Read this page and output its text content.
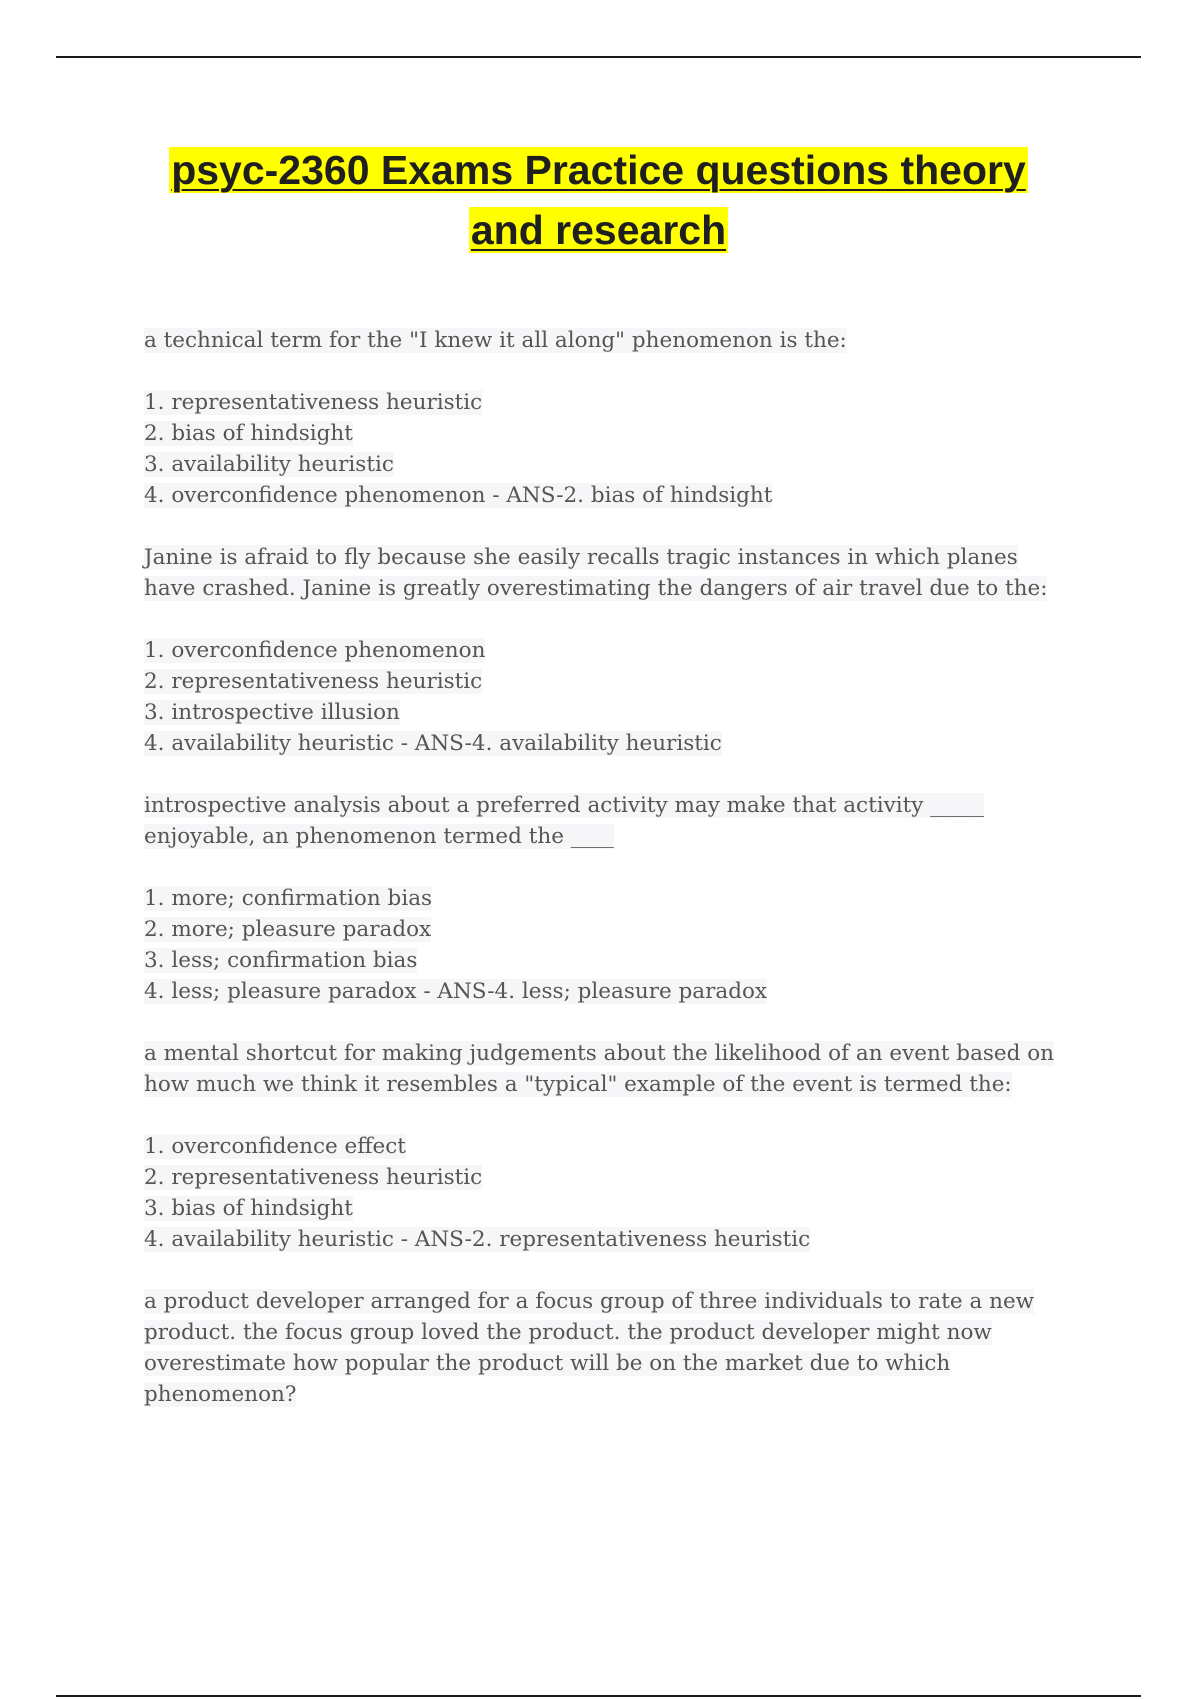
psyc-2360 Exams Practice questions theory
and research
a technical term for the "I knew it all along" phenomenon is the:
1. representativeness heuristic
2. bias of hindsight
3. availability heuristic
4. overconfidence phenomenon - ANS-2. bias of hindsight
Janine is afraid to fly because she easily recalls tragic instances in which planes
have crashed. Janine is greatly overestimating the dangers of air travel due to the:
1. overconfidence phenomenon
2. representativeness heuristic
3. introspective illusion
4. availability heuristic - ANS-4. availability heuristic
introspective analysis about a preferred activity may make that activity _____
enjoyable, an phenomenon termed the ____
1. more; confirmation bias
2. more; pleasure paradox
3. less; confirmation bias
4. less; pleasure paradox - ANS-4. less; pleasure paradox
a mental shortcut for making judgements about the likelihood of an event based on
how much we think it resembles a "typical" example of the event is termed the:
1. overconfidence effect
2. representativeness heuristic
3. bias of hindsight
4. availability heuristic - ANS-2. representativeness heuristic
a product developer arranged for a focus group of three individuals to rate a new
product. the focus group loved the product. the product developer might now
overestimate how popular the product will be on the market due to which
phenomenon?
